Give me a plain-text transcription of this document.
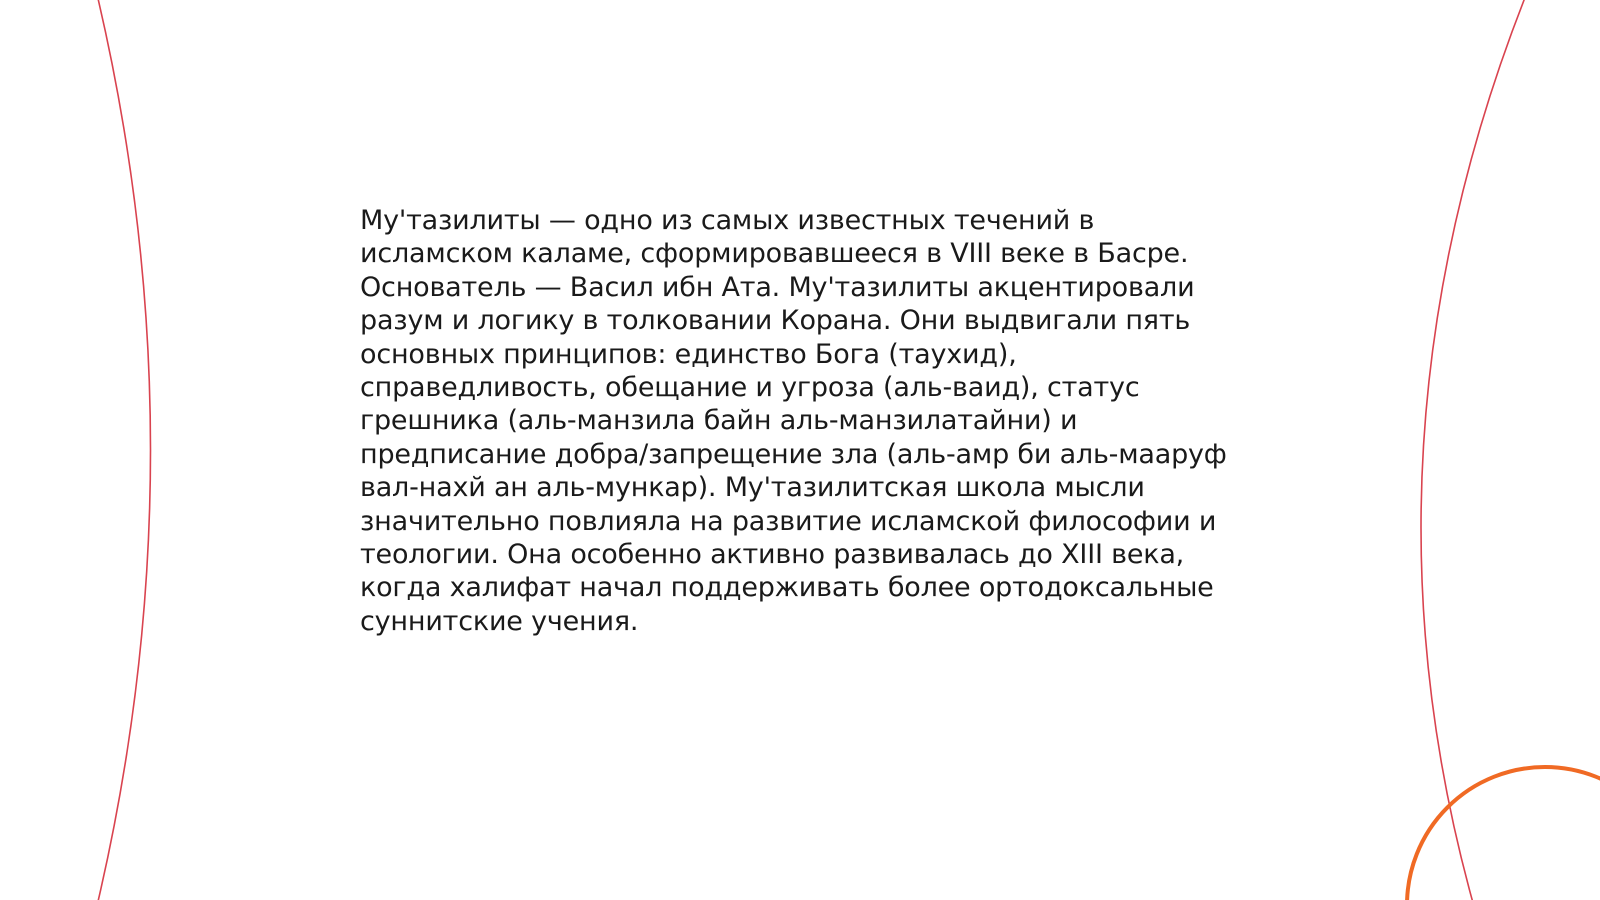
Му'тазилиты — одно из самых известных течений в исламском каламе, сформировавшееся в VIII веке в Басре. Основатель — Васил ибн Ата. Му'тазилиты акцентировали разум и логику в толковании Корана. Они выдвигали пять основных принципов: единство Бога (таухид), справедливость, обещание и угроза (аль-ваид), статус грешника (аль-манзила байн аль-манзилатайни) и предписание добра/запрещение зла (аль-амр би аль-мааруф вал-нахй ан аль-мункар). Му'тазилитская школа мысли значительно повлияла на развитие исламской философии и теологии. Она особенно активно развивалась до XIII века, когда халифат начал поддерживать более ортодоксальные суннитские учения.
